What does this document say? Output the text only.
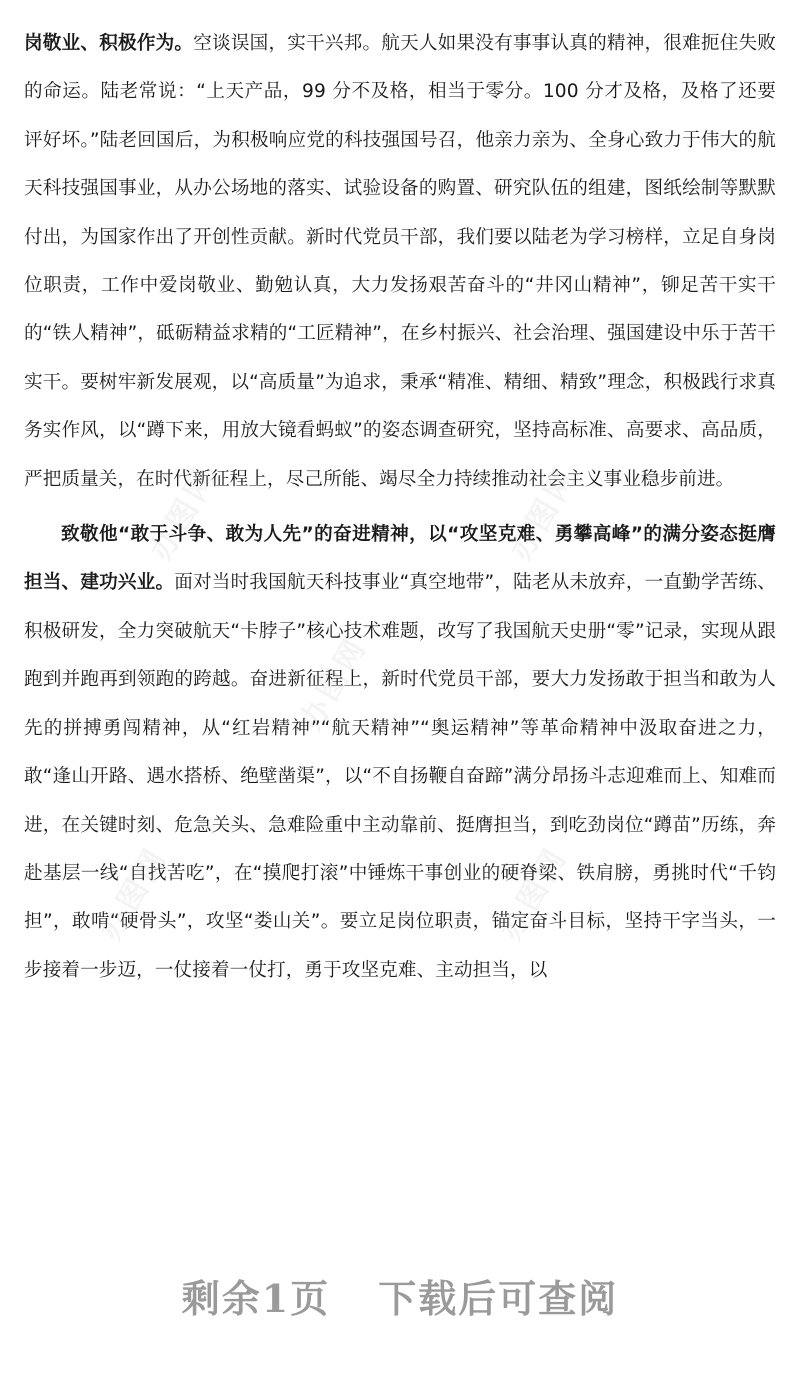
岗敬业、积极作为。空谈误国，实干兴邦。航天人如果没有事事认真的精神，很难扼住失败的命运。陆老常说：“上天产品，99 分不及格，相当于零分。100 分才及格，及格了还要评好坏。”陆老回国后，为积极响应党的科技强国号召，他亲力亲为、全身心致力于伟大的航天科技强国事业，从办公场地的落实、试验设备的购置、研究队伍的组建，图纸绘制等默默付出，为国家作出了开创性贡献。新时代党员干部，我们要以陆老为学习榜样，立足自身岗位职责，工作中爱岗敬业、勤勉认真，大力发扬艰苦奋斗的“井冈山精神”，铆足苦干实干的“铁人精神”，砥砺精益求精的“工匠精神”，在乡村振兴、社会治理、强国建设中乐于苦干实干。要树牢新发展观，以“高质量”为追求，秉承“精准、精细、精致”理念，积极践行求真务实作风，以“蹲下来，用放大镜看蚂蚁”的姿态调查研究，坚持高标准、高要求、高品质，严把质量关，在时代新征程上，尽己所能、竭尽全力持续推动社会主义事业稳步前进。

致敬他“敢于斗争、敢为人先”的奋进精神，以“攻坚克难、勇攀高峰”的满分姿态挺膺担当、建功兴业。面对当时我国航天科技事业“真空地带”，陆老从未放弃，一直勤学苦练、积极研发，全力突破航天“卡脖子”核心技术难题，改写了我国航天史册“零”记录，实现从跟跑到并跑再到领跑的跨越。奋进新征程上，新时代党员干部，要大力发扬敢于担当和敢为人先的拼搏勇闯精神，从“红岩精神”“航天精神”“奥运精神”等革命精神中汲取奋进之力，敢“逢山开路、遇水搭桥、绝壁凿渠”，以“不自扬鞭自奋蹄”满分昂扬斗志迎难而上、知难而进，在关键时刻、危急关头、急难险重中主动靠前、挺膺担当，到吃劲岗位“蹲苗”历练，奔赴基层一线“自找苦吃”，在“摸爬打滚”中锤炼干事创业的硬脊梁、铁肩膀，勇挑时代“千钧担”，敢啃“硬骨头”，攻坚“娄山关”。要立足岗位职责，锚定奋斗目标，坚持干字当头，一步接着一步迈，一仗接着一仗打，勇于攻坚克难、主动担当，以

办图网	办图网
办图网
办图网	办图网
剩余1页 下载后可查阅
